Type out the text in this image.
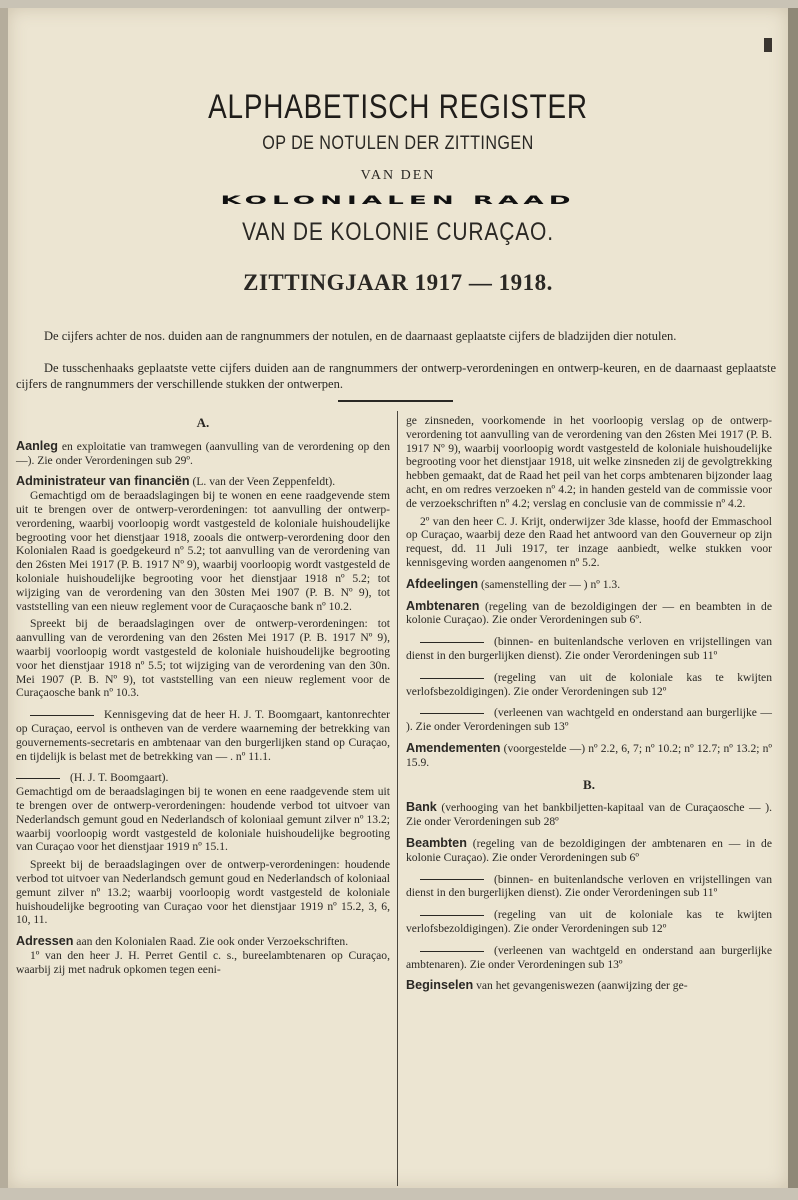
ALPHABETISCH REGISTER
OP DE NOTULEN DER ZITTINGEN
VAN DEN
KOLONIALEN RAAD
VAN DE KOLONIE CURAÇAO.
ZITTINGJAAR 1917 — 1918.
De cijfers achter de nos. duiden aan de rangnummers der notulen, en de daarnaast geplaatste cijfers de bladzijden dier notulen.
De tusschenhaaks geplaatste vette cijfers duiden aan de rangnummers der ontwerp-verordeningen en ontwerp-keuren, en de daarnaast geplaatste cijfers de rangnummers der verschillende stukken der ontwerpen.

A.

Aanleg en exploitatie van tramwegen (aanvulling van de verordening op den —). Zie onder Verordeningen sub 29º.

Administrateur van financiën (L. van der Veen Zeppenfeldt).

Gemachtigd om de beraadslagingen bij te wonen en eene raadgevende stem uit te brengen over de ontwerp-verordeningen: tot aanvulling der ontwerp-verordening, waarbij voorloopig wordt vastgesteld de koloniale huishoudelijke begrooting voor het dienstjaar 1918, zooals die ontwerp-verordening door den Kolonialen Raad is goedgekeurd nº 5.2; tot aanvulling van de verordening van den 26sten Mei 1917 (P. B. 1917 Nº 9), waarbij voorloopig wordt vastgesteld de koloniale huishoudelijke begrooting voor het dienstjaar 1918 nº 5.2; tot wijziging van de verordening van den 30sten Mei 1907 (P. B. Nº 9), tot vaststelling van een nieuw reglement voor de Curaçaosche bank nº 10.2.

Spreekt bij de beraadslagingen over de ontwerp-verordeningen: tot aanvulling van de verordening van den 26sten Mei 1917 (P. B. 1917 Nº 9), waarbij voorloopig wordt vastgesteld de koloniale huishoudelijke begrooting voor het dienstjaar 1918 nº 5.5; tot wijziging van de verordening van den 30n. Mei 1907 (P. B. Nº 9), tot vaststelling van een nieuw reglement voor de Curaçaosche bank nº 10.3.

Kennisgeving dat de heer H. J. T. Boomgaart, kantonrechter op Curaçao, eervol is ontheven van de verdere waarneming der betrekking van gouvernements-secretaris en ambtenaar van den burgerlijken stand op Curaçao, en tijdelijk is belast met de betrekking van — . nº 11.1.

(H. J. T. Boomgaart).

Gemachtigd om de beraadslagingen bij te wonen en eene raadgevende stem uit te brengen over de ontwerp-verordeningen: houdende verbod tot uitvoer van Nederlandsch gemunt goud en Nederlandsch of koloniaal gemunt zilver nº 13.2; waarbij voorloopig wordt vastgesteld de koloniale huishoudelijke begrooting van Curaçao voor het dienstjaar 1919 nº 15.1.

Spreekt bij de beraadslagingen over de ontwerp-verordeningen: houdende verbod tot uitvoer van Nederlandsch gemunt goud en Nederlandsch of koloniaal gemunt zilver nº 13.2; waarbij voorloopig wordt vastgesteld de koloniale huishoudelijke begrooting van Curaçao voor het dienstjaar 1919 nº 15.2, 3, 6, 10, 11.

Adressen aan den Kolonialen Raad. Zie ook onder Verzoekschriften.

1º van den heer J. H. Perret Gentil c. s., bureelambtenaren op Curaçao, waarbij zij met nadruk opkomen tegen eeni-

ge zinsneden, voorkomende in het voorloopig verslag op de ontwerp-verordening tot aanvulling van de verordening van den 26sten Mei 1917 (P. B. 1917 Nº 9), waarbij voorloopig wordt vastgesteld de koloniale huishoudelijke begrooting voor het dienstjaar 1918, uit welke zinsneden zij de gevolgtrekking hebben gemaakt, dat de Raad het peil van het corps ambtenaren bijzonder laag acht, en om redres verzoeken nº 4.2; in handen gesteld van de commissie voor de verzoekschriften nº 4.2; verslag en conclusie van de commissie nº 4.2.

2º van den heer C. J. Krijt, onderwijzer 3de klasse, hoofd der Emmaschool op Curaçao, waarbij deze den Raad het antwoord van den Gouverneur op zijn request, dd. 11 Juli 1917, ter inzage aanbiedt, welke stukken voor kennisgeving worden aangenomen nº 5.2.

Afdeelingen (samenstelling der — ) nº 1.3.

Ambtenaren (regeling van de bezoldigingen der — en beambten in de kolonie Curaçao). Zie onder Verordeningen sub 6º.

(binnen- en buitenlandsche verloven en vrijstellingen van dienst in den burgerlijken dienst). Zie onder Verordeningen sub 11º

(regeling van uit de koloniale kas te kwijten verlofsbezoldigingen). Zie onder Verordeningen sub 12º

(verleenen van wachtgeld en onderstand aan burgerlijke — ). Zie onder Verordeningen sub 13º

Amendementen (voorgestelde —) nº 2.2, 6, 7; nº 10.2; nº 12.7; nº 13.2; nº 15.9.

B.

Bank (verhooging van het bankbiljetten-kapitaal van de Curaçaosche — ). Zie onder Verordeningen sub 28º

Beambten (regeling van de bezoldigingen der ambtenaren en — in de kolonie Curaçao). Zie onder Verordeningen sub 6º

(binnen- en buitenlandsche verloven en vrijstellingen van dienst in den burgerlijken dienst). Zie onder Verordeningen sub 11º

(regeling van uit de koloniale kas te kwijten verlofsbezoldigingen). Zie onder Verordeningen sub 12º

(verleenen van wachtgeld en onderstand aan burgerlijke ambtenaren). Zie onder Verordeningen sub 13º

Beginselen van het gevangeniswezen (aanwijzing der ge-
